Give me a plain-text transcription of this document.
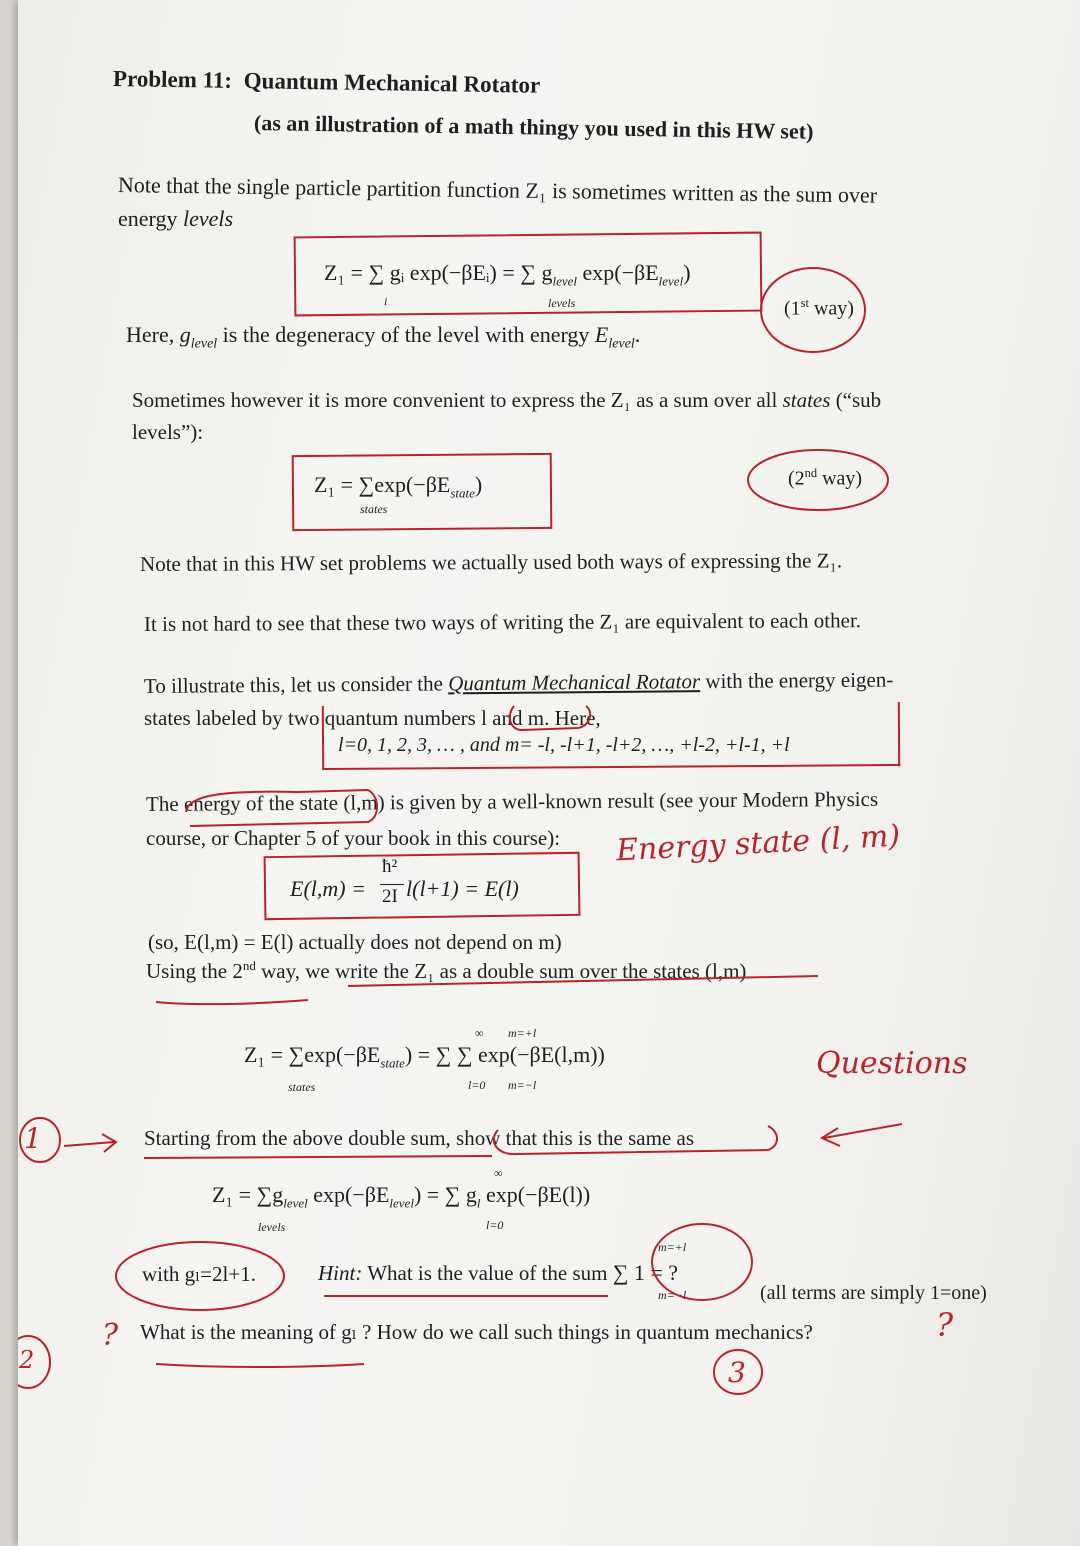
Problem 11: Quantum Mechanical Rotator
(as an illustration of a math thingy you used in this HW set)
Note that the single particle partition function Z₁ is sometimes written as the sum over
energy levels
Z₁ = ∑ gᵢ exp(−βEᵢ) = ∑ $g_{level}$ $\exp(-\beta E_{level})$
i	levels	(1st way)
Here, $g_{level}$ is the degeneracy of the level with energy $E_{level}$.
Sometimes however it is more convenient to express the Z₁ as a sum over all states (“sub
levels”):
$Z_1 = \sum\exp(-\beta E_{state})$
states
(2nd way)
Note that in this HW set problems we actually used both ways of expressing the Z₁.
It is not hard to see that these two ways of writing the Z₁ are equivalent to each other.
To illustrate this, let us consider the Quantum Mechanical Rotator with the energy eigen-
states labeled by two quantum numbers l and m. Here,
l=0, 1, 2, 3, … , and m= -l, -l+1, -l+2, …, +l-2, +l-1, +l
The energy of the state (l,m) is given by a well-known result (see your Modern Physics
course, or Chapter 5 of your book in this course):
E(l,m) =
ħ²
2I l(l+1) = E(l)
Energy state (l, m)
(so, E(l,m) = E(l) actually does not depend on m)
Using the 2nd way, we write the Z₁ as a double sum over the states (l,m)
$Z_1 = \sum\exp(-\beta E_{state})$ = ∑ ∑ exp(−βE(l,m))
states
∞ m=+l
l=0 m=−l
Questions
1	Starting from the above double sum, show that this is the same as
$Z_1 = \sum g_{level}$ $\exp(-\beta E_{level})$ = ∑ $g_l$ exp(−βE(l))
levels
∞
l=0
with gₗ=2l+1.	Hint: What is the value of the sum ∑ 1 = ?
m=+l
m=−l	(all terms are simply 1=one)
2
? What is the meaning of gₗ ? How do we call such things in quantum mechanics?	?
3
